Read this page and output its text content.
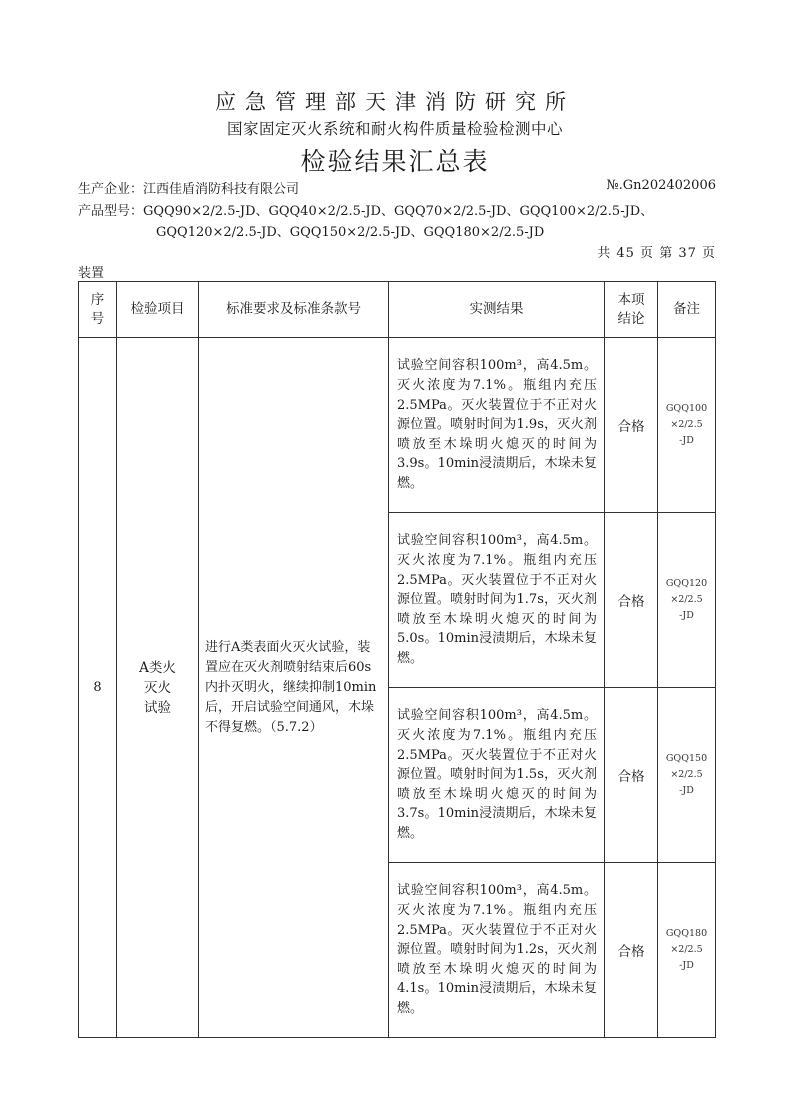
应急管理部天津消防研究所
国家固定灭火系统和耐火构件质量检验检测中心
检验结果汇总表
生产企业：江西佳盾消防科技有限公司	№.Gn202402006
产品型号：GQQ90×2/2.5-JD、GQQ40×2/2.5-JD、GQQ70×2/2.5-JD、GQQ100×2/2.5-JD、
GQQ120×2/2.5-JD、GQQ150×2/2.5-JD、GQQ180×2/2.5-JD
共 45 页 第 37 页
装置
序
号	检验项目	标准要求及标准条款号	实测结果	本项
结论	备注
8	A类火
灭火
试验	进行A类表面火灭火试验，装置应在灭火剂喷射结束后60s内扑灭明火，继续抑制10min后，开启试验空间通风，木垛不得复燃。（5.7.2）	试验空间容积100m³，高4.5m。灭火浓度为7.1%。瓶组内充压2.5MPa。灭火装置位于不正对火源位置。喷射时间为1.9s，灭火剂喷放至木垛明火熄灭的时间为3.9s。10min浸渍期后，木垛未复燃。	合格	GQQ100
×2/2.5
-JD

			试验空间容积100m³，高4.5m。灭火浓度为7.1%。瓶组内充压2.5MPa。灭火装置位于不正对火源位置。喷射时间为1.7s，灭火剂喷放至木垛明火熄灭的时间为5.0s。10min浸渍期后，木垛未复燃。	合格	GQQ120
×2/2.5
-JD

			试验空间容积100m³，高4.5m。灭火浓度为7.1%。瓶组内充压2.5MPa。灭火装置位于不正对火源位置。喷射时间为1.5s，灭火剂喷放至木垛明火熄灭的时间为3.7s。10min浸渍期后，木垛未复燃。	合格	GQQ150
×2/2.5
-JD

			试验空间容积100m³，高4.5m。灭火浓度为7.1%。瓶组内充压2.5MPa。灭火装置位于不正对火源位置。喷射时间为1.2s，灭火剂喷放至木垛明火熄灭的时间为4.1s。10min浸渍期后，木垛未复燃。	合格	GQQ180
×2/2.5
-JD
